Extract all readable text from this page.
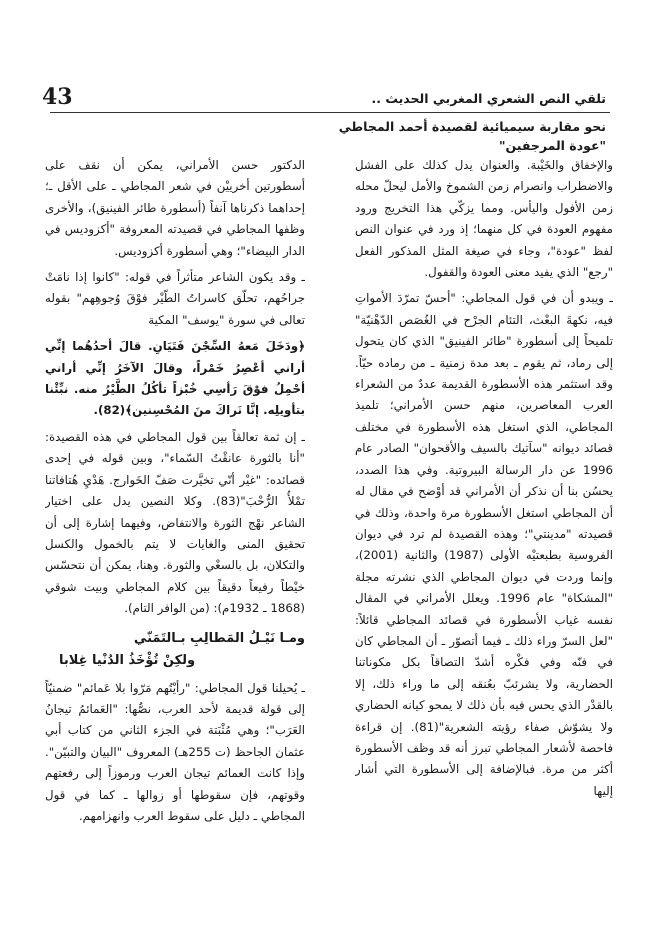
43	تلقي النص الشعري المغربي الحديث ..
نحو مقاربة سيميائية لقصيدة أحمد المجاطي
"عودة المرجفين"

والإخفاق والخَيْبة. والعنوان يدل كذلك على الفشل والاضطراب وانصرام زمن الشموخ والأمل ليحلّ محله زمن الأفول واليأس. ومما يزكّي هذا التخريج ورود مفهوم العودة في كل منهما؛ إذ ورد في عنوان النص لفظ "عودة"، وجاء في صيغة المثل المذكور الفعل "رجع" الذي يفيد معنى العودة والقفول.

ـ ويبدو أن في قول المجاطي: "أحسّ تمرّدَ الأمواتِ فيه، نكهةَ البعْث، التئام الجرْح في الغُصَص الدّهْنيّة" تلميحاً إلى أسطورة "طائر الفينيق" الذي كان يتحول إلى رماد، ثم يقوم ـ بعد مدة زمنية ـ من رماده حيّاً. وقد استثمر هذه الأسطورة القديمة عددٌ من الشعراء العرب المعاصرين، منهم حسن الأمراني؛ تلميذ المجاطي، الذي استغل هذه الأسطورة في مختلف قصائد ديوانه "سآتيك بالسيف والأقحوان" الصادر عام 1996 عن دار الرسالة البيروتية. وفي هذا الصدد، يحسُن بنا أن نذكر أن الأمراني قد أوْضح في مقال له أن المجاطي استغل الأسطورة مرة واحدة، وذلك في قصيدته "مدينتي"؛ وهذه القصيدة لم ترد في ديوان الفروسية بطبعتيْه الأولى (1987) والثانية (2001)، وإنما وردت في ديوان المجاطي الذي نشرته مجلة "المشكاة" عام 1996. ويعلل الأمراني في المقال نفسه غياب الأسطورة في قصائد المجاطي قائلاً: "لعل السرّ وراء ذلك ـ فيما أتصوّر ـ أن المجاطي كان في فنّه وفي فكْره أشدّ التصاقاً بكل مكوناتنا الحضارية، ولا يشرئبّ بعُنقه إلى ما وراء ذلك، إلا بالقدْر الذي يحس فيه بأن ذلك لا يمحو كيانه الحضاري ولا يشوّش صفاء رؤيته الشعرية"(81). إن قراءة فاحصة لأشعار المجاطي تبرز أنه قد وظف الأسطورة أكثر من مرة. فبالإضافة إلى الأسطورة التي أشار إليها

الدكتور حسن الأمراني، يمكن أن نقف على أسطورتين أخرييْن في شعر المجاطي ـ على الأقل ـ؛ إحداهما ذكرناها آنفاً (أسطورة طائر الفينيق)، والأخرى وظفها المجاطي في قصيدته المعروفة "أكزوديس في الدار البيضاء"؛ وهي أسطورة أكزوديس.

ـ وقد يكون الشاعر متأثراً في قوله: "كانوا إذا نامَتْ جراحُهم، تحلّق كاسراتُ الطّيْر فوْقَ وُجوهِهم" بقوله تعالى في سورة "يوسف" المكية

﴿ودَخَلَ مَعهُ السِّجْنَ فَتَيَانِ. قالَ أحدُهُما إنِّي أراني أعْصِرُ خَمْراً، وقالَ الآخَرُ إنِّي أراني أحْمِلُ فوْقَ رَأسِي خُبْزاً تأكُلُ الطَّيْرُ منه. نبِّئْنا بتأويلِه. إنَّا نَراكَ منَ المُحْسِنين﴾(82).

ـ إن ثمة تعالقاً بين قول المجاطي في هذه القصيدة: "أنا بالثورة عانقْتُ السّماء"، وبين قوله في إحدى قصائده: "غيْر أنّي تخيَّرت صَفّ الخَوارج. هَدْيِ هُتافاتنا تمْلأُ الرُّحْبَ"(83). وكلا النصين يدل على اختيار الشاعر نهْج الثورة والانتفاض، وفيهما إشارة إلى أن تحقيق المنى والغايات لا يتم بالخمول والكسل والتكلان، بل بالسعْي والثورة. وهنا، يمكن أن نتحسّس خيْطاً رفيعاً دقيقاً بين كلام المجاطي وبيت شوقي (1868 ـ 1932م): (من الوافر التام).

ومـا نَيْـلُ المَطالِبِ بـالتَمَنّي
ولكِنْ تُؤْخَذُ الدُنْيا غِلابا

ـ يُحيلنا قول المجاطي: "رأيْتُهم مَرّوا بلا عَمائم" ضمنيّاً إلى قولة قديمة لأحد العرب، نصُّها: "العَمائمُ تيجانُ العَرَب"؛ وهي مُثْبَتة في الجزء الثاني من كتاب أبي عثمان الجاحظ (ت 255هـ) المعروف "البيان والتبيّن". وإذا كانت العمائم تيجان العرب ورموزاً إلى رفعتهم وقوتهم، فإن سقوطها أو زوالها ـ كما في قول المجاطي ـ دليل على سقوط العرب وانهزامهم.
